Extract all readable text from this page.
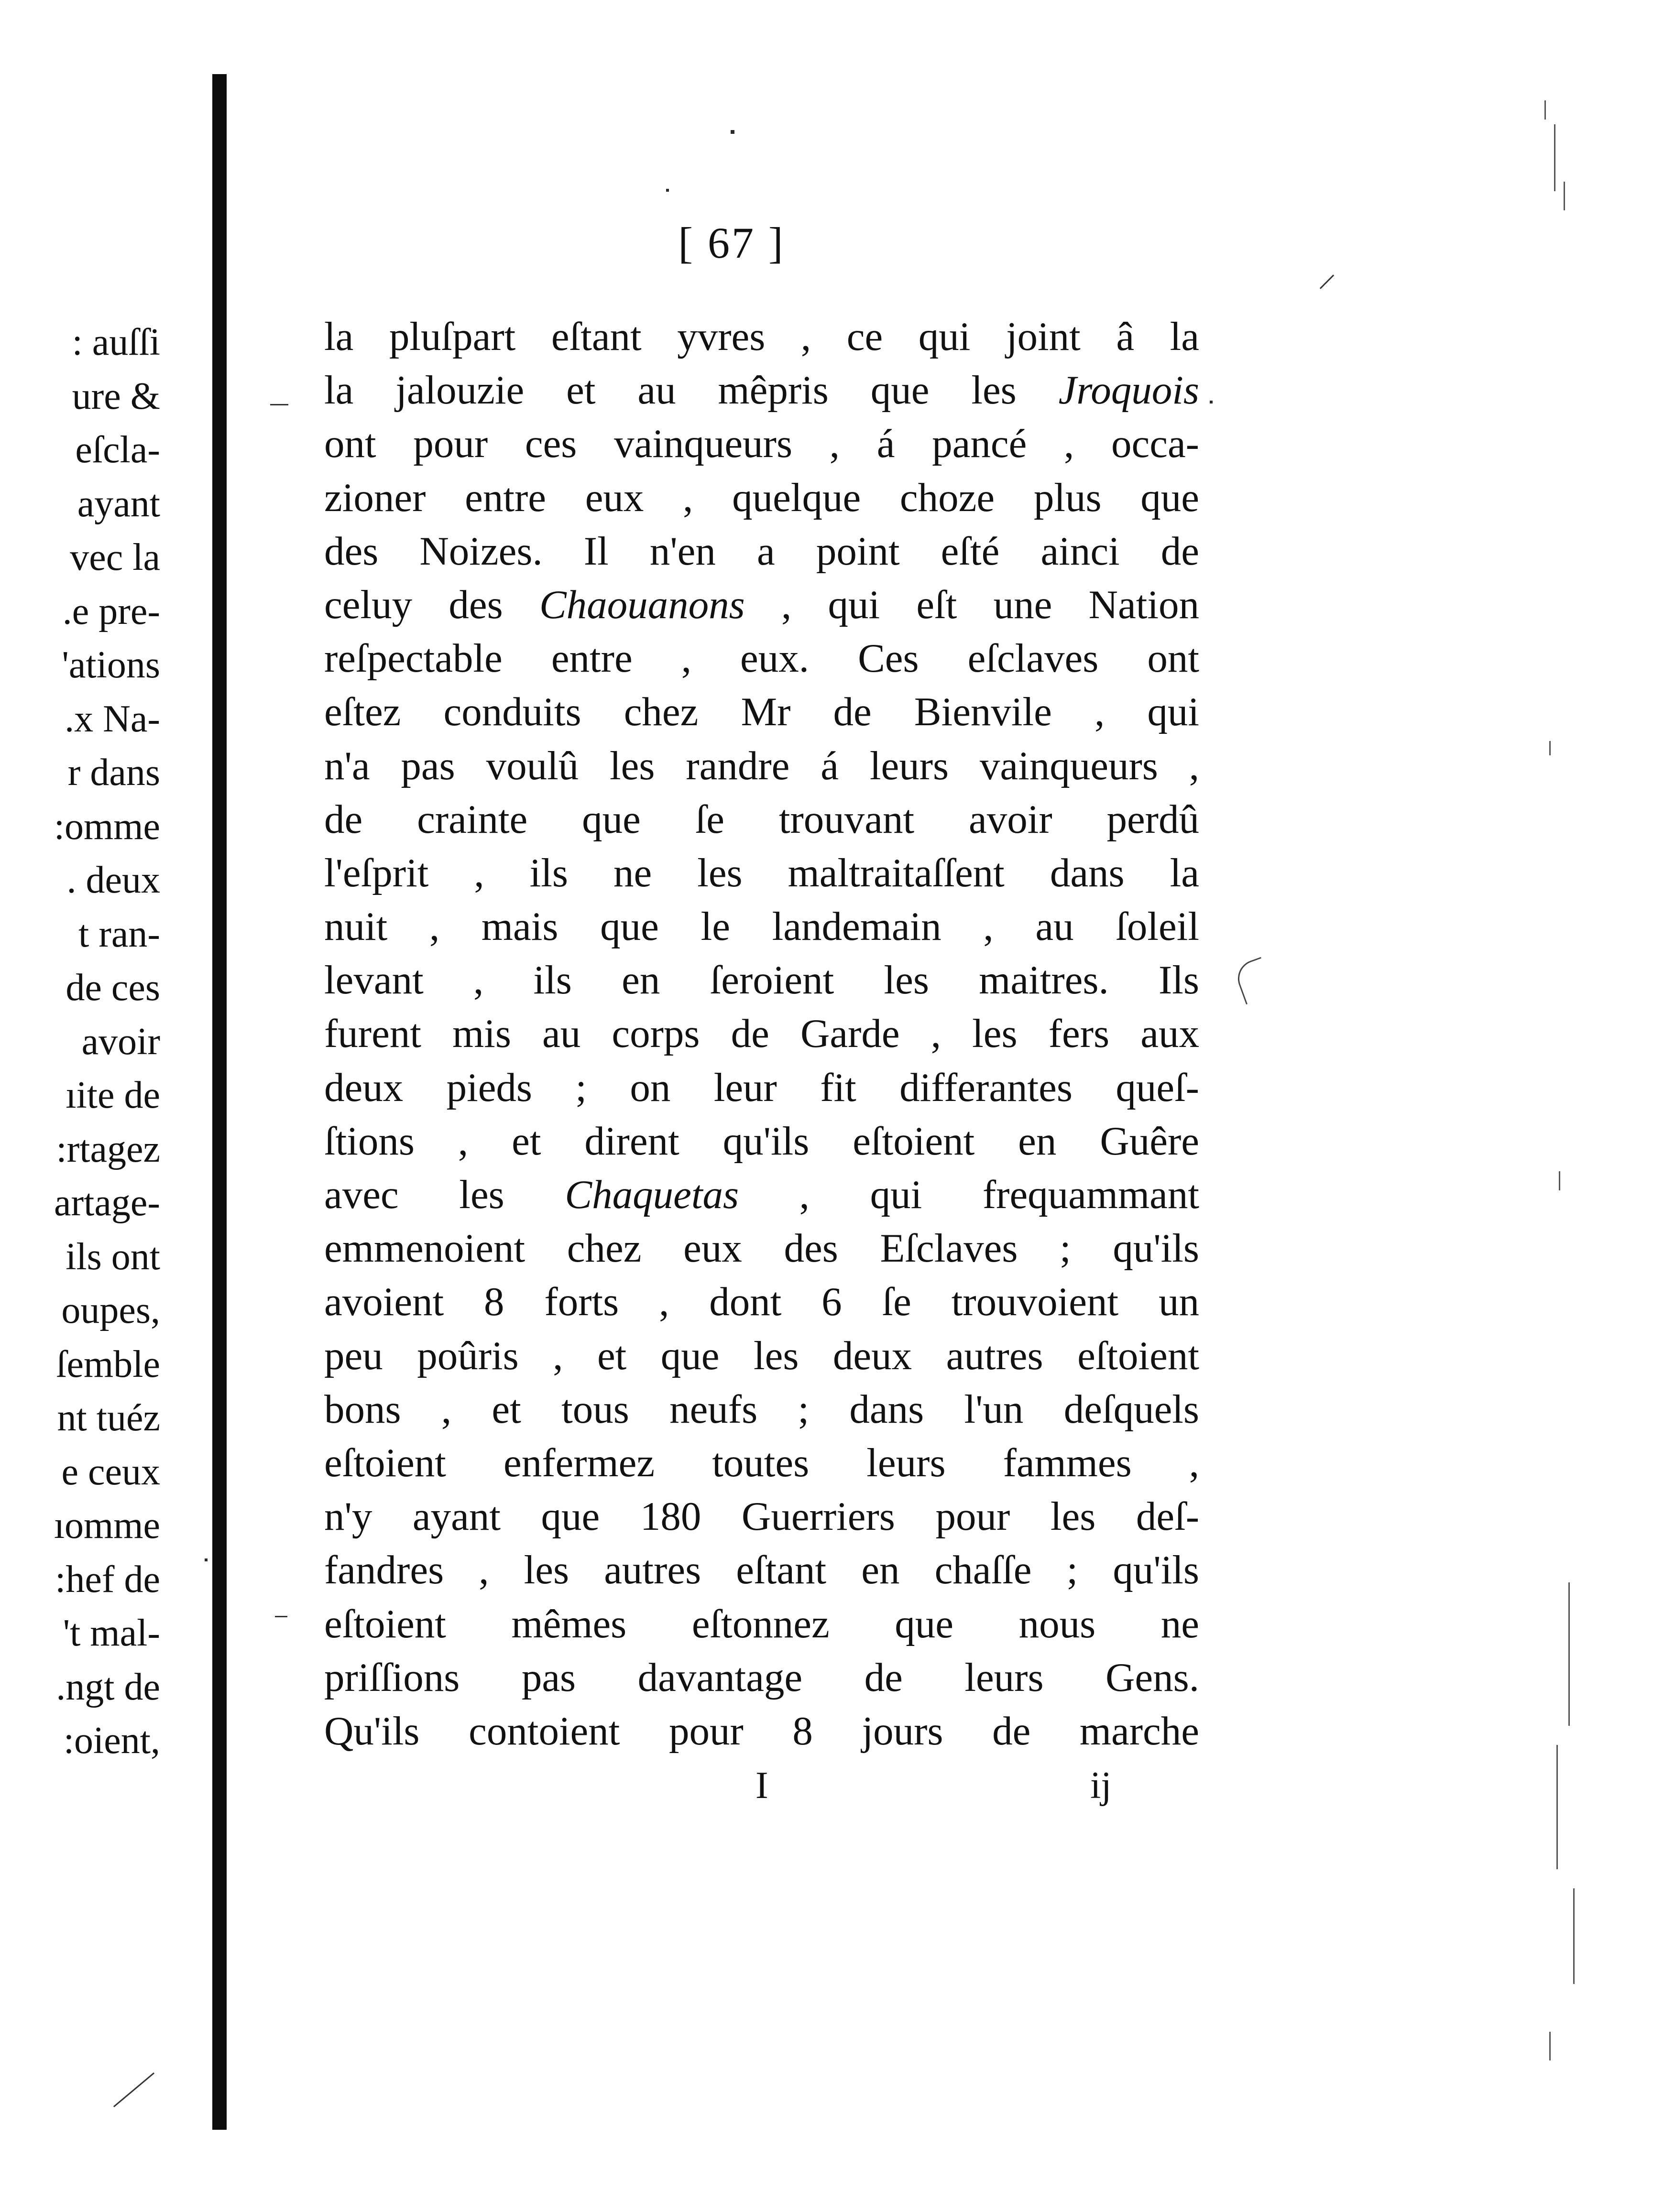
: auſſi
ure &
eſcla-
ayant
vec la
.e pre-
'ations
.x Na-
r dans
:omme
. deux
t ran-
de ces
avoir
ıite de
:rtagez
artage-
ils ont
oupes,
ſemble
nt tuéz
e ceux
ıomme
:hef de
't mal-
.ngt de
:oient,
[ 67 ]
la pluſpart eſtant yvres , ce qui joint â la
la jalouzie et au mêpris que les Jroquois
ont pour ces vainqueurs , á pancé , occa-
zioner entre eux , quelque choze plus que
des Noizes. Il n'en a point eſté ainci de
celuy des Chaouanons , qui eſt une Nation
reſpectable entre , eux. Ces eſclaves ont
eſtez conduits chez Mr de Bienvile , qui
n'a pas voulû les randre á leurs vainqueurs ,
de crainte que ſe trouvant avoir perdû
l'eſprit , ils ne les maltraitaſſent dans la
nuit , mais que le landemain , au ſoleil
levant , ils en ſeroient les maitres. Ils
furent mis au corps de Garde , les fers aux
deux pieds ; on leur fit differantes queſ-
ſtions , et dirent qu'ils eſtoient en Guêre
avec les Chaquetas , qui frequammant
emmenoient chez eux des Eſclaves ; qu'ils
avoient 8 forts , dont 6 ſe trouvoient un
peu poûris , et que les deux autres eſtoient
bons , et tous neufs ; dans l'un deſquels
eſtoient enfermez toutes leurs fammes ,
n'y ayant que 180 Guerriers pour les deſ-
fandres , les autres eſtant en chaſſe ; qu'ils
eſtoient mêmes eſtonnez que nous ne
priſſions pas davantage de leurs Gens.
Qu'ils contoient pour 8 jours de marche
I	ij
